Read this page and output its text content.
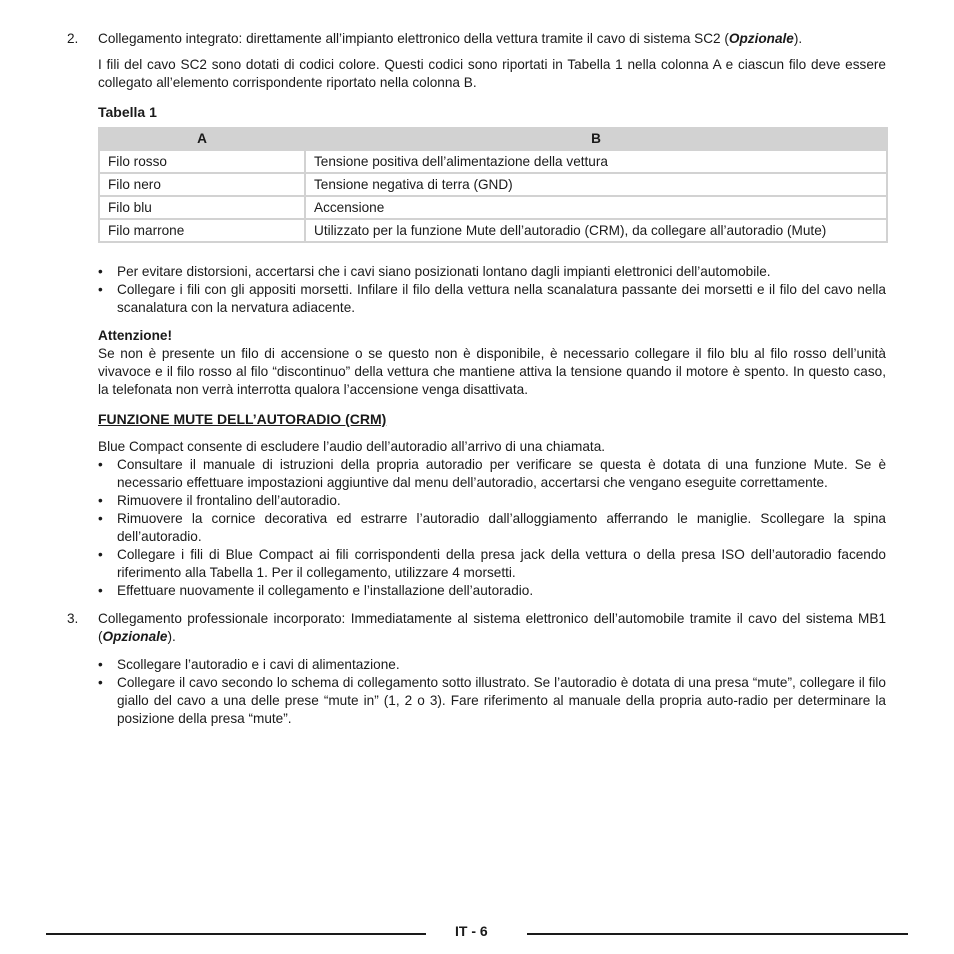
2. Collegamento integrato: direttamente all’impianto elettronico della vettura tramite il cavo di sistema SC2 (Opzionale).

I fili del cavo SC2 sono dotati di codici colore. Questi codici sono riportati in Tabella 1 nella colonna A e ciascun filo deve essere collegato all’elemento corrispondente riportato nella colonna B.

Tabella 1

A	B
Filo rosso	Tensione positiva dell’alimentazione della vettura
Filo nero	Tensione negativa di terra (GND)
Filo blu	Accensione
Filo marrone	Utilizzato per la funzione Mute dell’autoradio (CRM), da collegare all’autoradio (Mute)
• Per evitare distorsioni, accertarsi che i cavi siano posizionati lontano dagli impianti elettronici dell’automobile.
• Collegare i fili con gli appositi morsetti. Infilare il filo della vettura nella scanalatura passante dei morsetti e il filo del cavo nella scanalatura con la nervatura adiacente.

Attenzione!

Se non è presente un filo di accensione o se questo non è disponibile, è necessario collegare il filo blu al filo rosso dell’unità vivavoce e il filo rosso al filo “discontinuo” della vettura che mantiene attiva la tensione quando il motore è spento. In questo caso, la telefonata non verrà interrotta qualora l’accensione venga disattivata.

FUNZIONE MUTE DELL’AUTORADIO (CRM)

Blue Compact consente di escludere l’audio dell’autoradio all’arrivo di una chiamata.

• Consultare il manuale di istruzioni della propria autoradio per verificare se questa è dotata di una funzione Mute. Se è necessario effettuare impostazioni aggiuntive dal menu dell’autoradio, accertarsi che vengano eseguite correttamente.
• Rimuovere il frontalino dell’autoradio.
• Rimuovere la cornice decorativa ed estrarre l’autoradio dall’alloggiamento afferrando le maniglie. Scollegare la spina dell’autoradio.
• Collegare i fili di Blue Compact ai fili corrispondenti della presa jack della vettura o della presa ISO dell’autoradio facendo riferimento alla Tabella 1. Per il collegamento, utilizzare 4 morsetti.
• Effettuare nuovamente il collegamento e l’installazione dell’autoradio.
3. Collegamento professionale incorporato: Immediatamente al sistema elettronico dell’automobile tramite il cavo del sistema MB1 (Opzionale).

• Scollegare l’autoradio e i cavi di alimentazione.
• Collegare il cavo secondo lo schema di collegamento sotto illustrato. Se l’autoradio è dotata di una presa “mute”, collegare il filo giallo del cavo a una delle prese “mute in” (1, 2 o 3). Fare riferimento al manuale della propria auto-radio per determinare la posizione della presa “mute”.
IT - 6
